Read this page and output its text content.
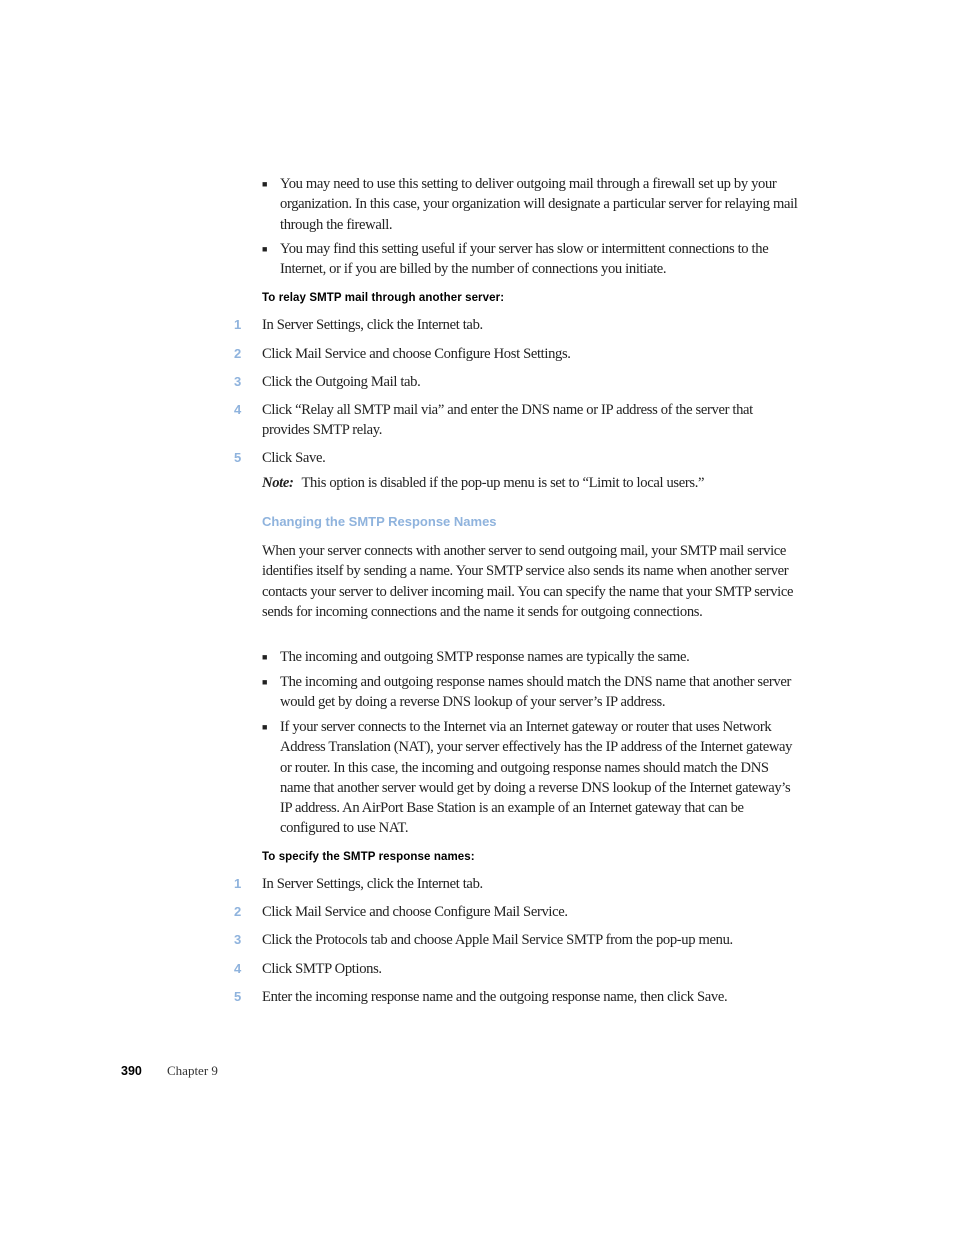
■ You may need to use this setting to deliver outgoing mail through a firewall set up by your organization. In this case, your organization will designate a particular server for relaying mail through the firewall.
■ You may find this setting useful if your server has slow or intermittent connections to the Internet, or if you are billed by the number of connections you initiate.
To relay SMTP mail through another server:
1 In Server Settings, click the Internet tab.
2 Click Mail Service and choose Configure Host Settings.
3 Click the Outgoing Mail tab.
4 Click “Relay all SMTP mail via” and enter the DNS name or IP address of the server that provides SMTP relay.
5 Click Save.
Note: This option is disabled if the pop-up menu is set to “Limit to local users.”
Changing the SMTP Response Names
When your server connects with another server to send outgoing mail, your SMTP mail service identifies itself by sending a name. Your SMTP service also sends its name when another server contacts your server to deliver incoming mail. You can specify the name that your SMTP service sends for incoming connections and the name it sends for outgoing connections.
■ The incoming and outgoing SMTP response names are typically the same.
■ The incoming and outgoing response names should match the DNS name that another server would get by doing a reverse DNS lookup of your server’s IP address.
■ If your server connects to the Internet via an Internet gateway or router that uses Network Address Translation (NAT), your server effectively has the IP address of the Internet gateway or router. In this case, the incoming and outgoing response names should match the DNS name that another server would get by doing a reverse DNS lookup of the Internet gateway’s IP address. An AirPort Base Station is an example of an Internet gateway that can be configured to use NAT.
To specify the SMTP response names:
1 In Server Settings, click the Internet tab.
2 Click Mail Service and choose Configure Mail Service.
3 Click the Protocols tab and choose Apple Mail Service SMTP from the pop-up menu.
4 Click SMTP Options.
5 Enter the incoming response name and the outgoing response name, then click Save.
390 Chapter 9
